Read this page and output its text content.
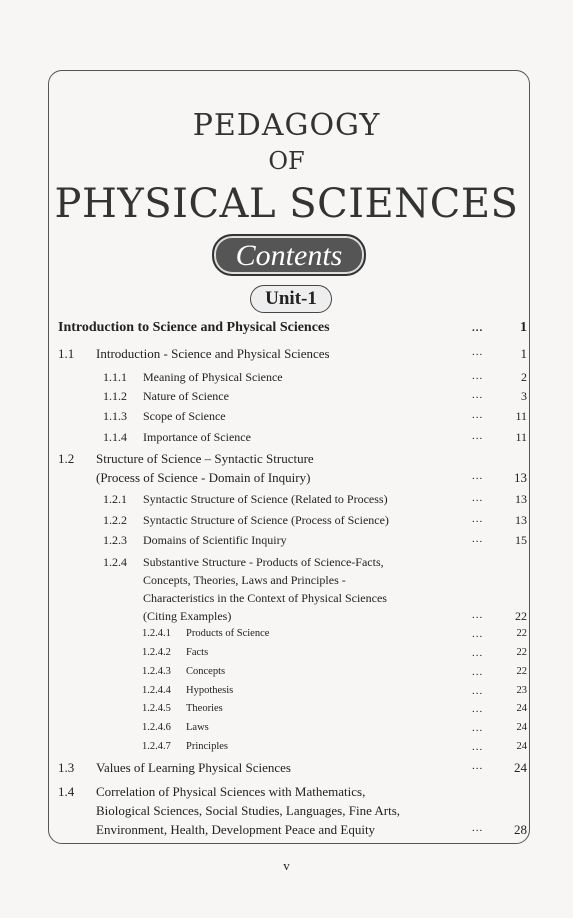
PEDAGOGY
OF
PHYSICAL SCIENCES
Contents
Unit-1
Introduction to Science and Physical Sciences	...	1
1.1 Introduction - Science and Physical Sciences	...	1
1.1.1 Meaning of Physical Science	...	2
1.1.2 Nature of Science	...	3
1.1.3 Scope of Science	...	11
1.1.4 Importance of Science	...	11
1.2 Structure of Science – Syntactic Structure
(Process of Science - Domain of Inquiry)	...	13
1.2.1 Syntactic Structure of Science (Related to Process)	...	13
1.2.2 Syntactic Structure of Science (Process of Science)	...	13
1.2.3 Domains of Scientific Inquiry	...	15
1.2.4 Substantive Structure - Products of Science-Facts,
Concepts, Theories, Laws and Principles -
Characteristics in the Context of Physical Sciences
(Citing Examples)	...	22
1.2.4.1 Products of Science	...	22
1.2.4.2 Facts	...	22
1.2.4.3 Concepts	...	22
1.2.4.4 Hypothesis	...	23
1.2.4.5 Theories	...	24
1.2.4.6 Laws	...	24
1.2.4.7 Principles	...	24
1.3 Values of Learning Physical Sciences	...	24
1.4 Correlation of Physical Sciences with Mathematics,
Biological Sciences, Social Studies, Languages, Fine Arts,
Environment, Health, Development Peace and Equity	...	28
v
